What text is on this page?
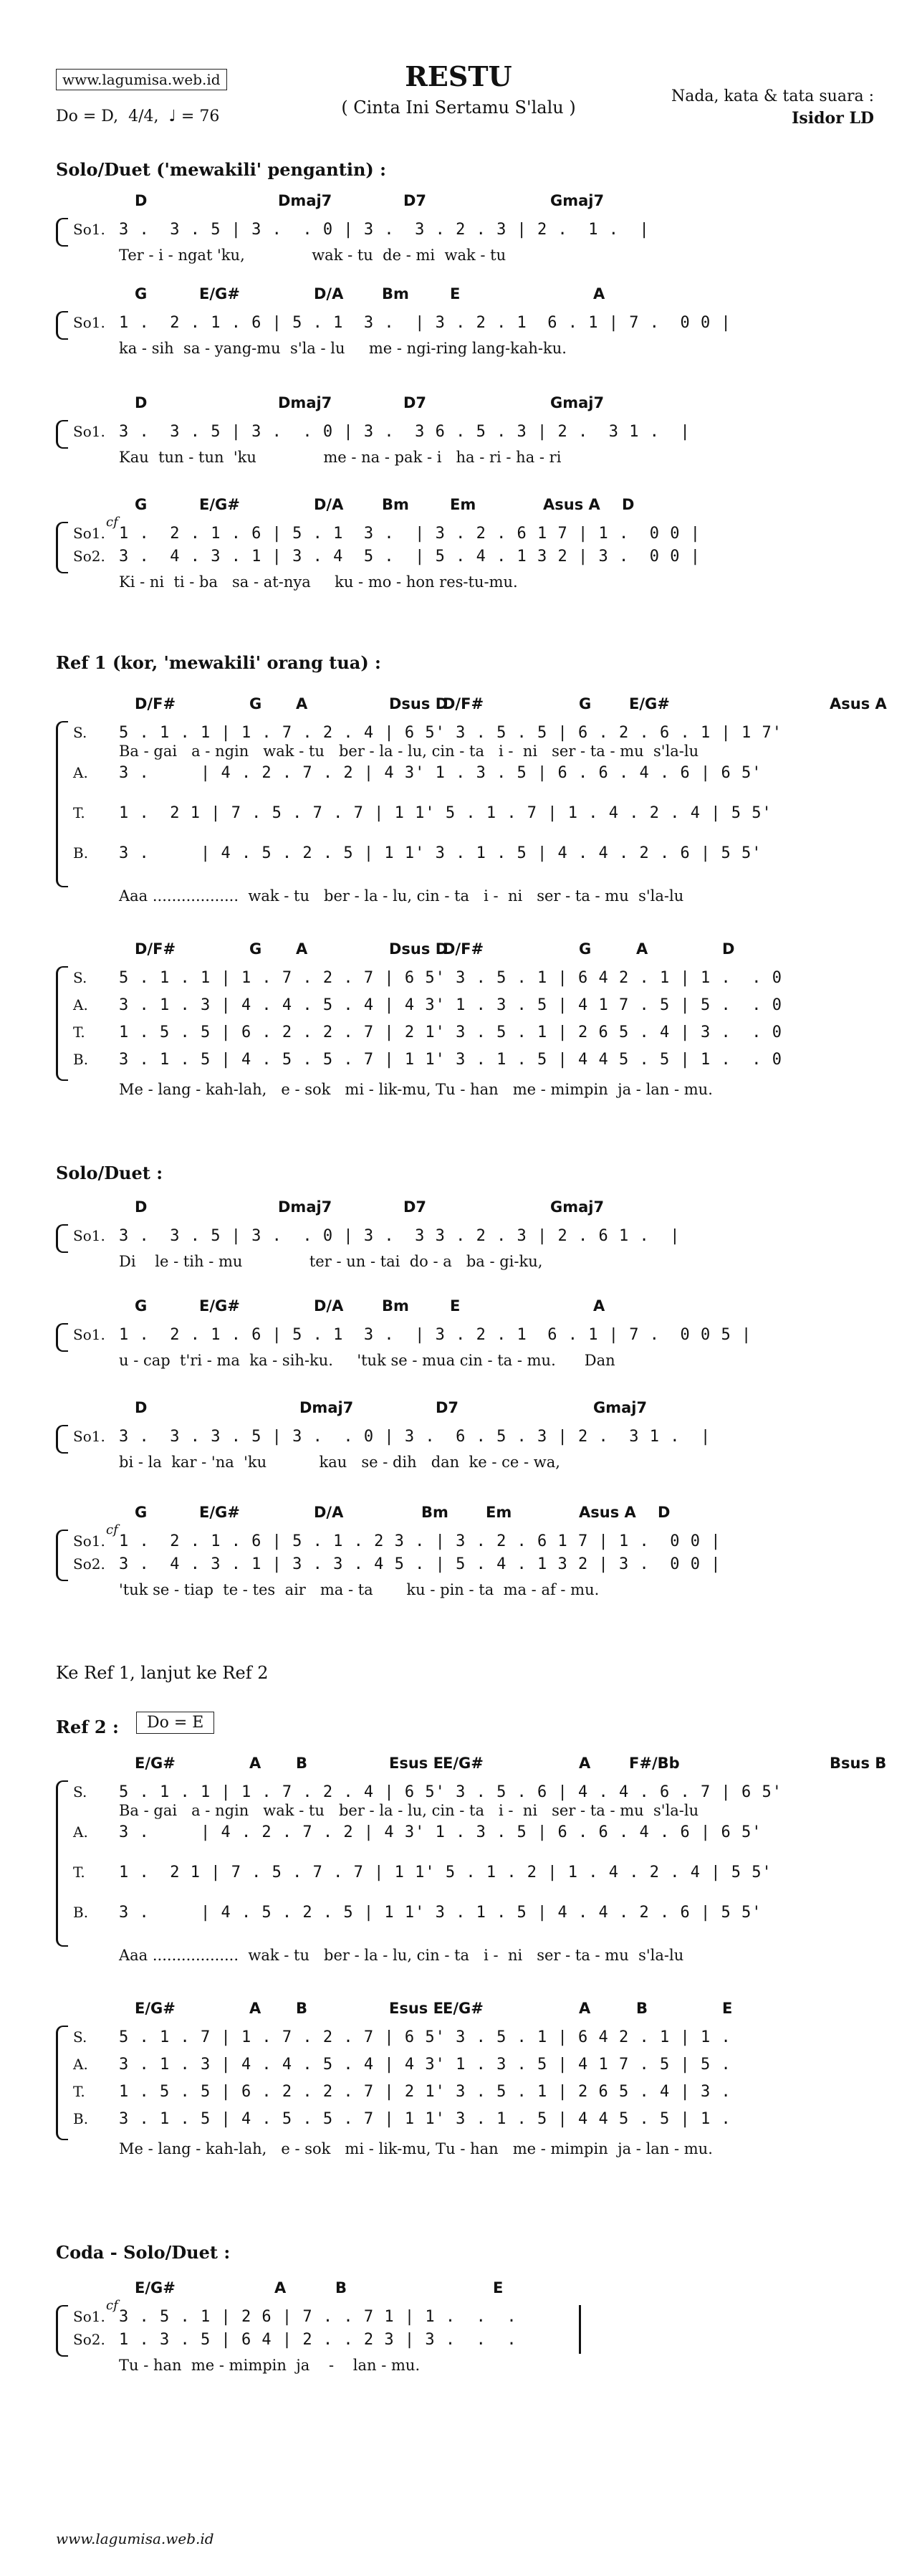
www.lagumisa.web.id
Do = D,  4/4,  ♩ = 76
RESTU
( Cinta Ini Sertamu S'lalu )
Nada, kata & tata suara :
Isidor LD
Solo/Duet ('mewakili' pengantin) :
Ref 1 (kor, 'mewakili' orang tua) :
Solo/Duet :
Ke Ref 1, lanjut ke Ref 2
Ref 2 :	Do = E
Coda - Solo/Duet :
D	Dmaj7	D7	Gmaj7
So1. 3 .  3 . 5 | 3 .  . 0 | 3 .  3 . 2 . 3 | 2 .  1 .  |
Ter - i - ngat 'ku,              wak - tu  de - mi  wak - tu
G	E/G#	D/A	Bm	E	A
So1. 1 .  2 . 1 . 6 | 5 . 1  3 .  | 3 . 2 . 1  6 . 1 | 7 .  0 0 |
ka - sih  sa - yang-mu  s'la - lu     me - ngi-ring lang-kah-ku.
D	Dmaj7	D7	Gmaj7
So1. 3 .  3 . 5 | 3 .  . 0 | 3 .  3 6 . 5 . 3 | 2 .  3 1 .  |
Kau  tun - tun  'ku              me - na - pak - i   ha - ri - ha - ri
G	E/G#	D/A	Bm	Em	Asus A D
cf
So1. 1 .  2 . 1 . 6 | 5 . 1  3 .  | 3 . 2 . 6 1 7 | 1 .  0 0 |
So2. 3 .  4 . 3 . 1 | 3 . 4  5 .  | 5 . 4 . 1 3 2 | 3 .  0 0 |
Ki - ni  ti - ba   sa - at-nya     ku - mo - hon res-tu-mu.
D/F#	G A	Dsus D
D/F#	G	E/G#	Asus A
S. 5 . 1 . 1 | 1 . 7 . 2 . 4 | 6 5' 3 . 5 . 5 | 6 . 2 . 6 . 1 | 1 7'
Ba - gai   a - ngin   wak - tu   ber - la - lu, cin - ta   i -  ni   ser - ta - mu  s'la-lu
A. 3 .     | 4 . 2 . 7 . 2 | 4 3' 1 . 3 . 5 | 6 . 6 . 4 . 6 | 6 5'
T. 1 .  2 1 | 7 . 5 . 7 . 7 | 1 1' 5 . 1 . 7 | 1 . 4 . 2 . 4 | 5 5'
B. 3 .     | 4 . 5 . 2 . 5 | 1 1' 3 . 1 . 5 | 4 . 4 . 2 . 6 | 5 5'
Aaa ..................  wak - tu   ber - la - lu, cin - ta   i -  ni   ser - ta - mu  s'la-lu
D/F#	G A	Dsus D
D/F#	G	A	D
S. 5 . 1 . 1 | 1 . 7 . 2 . 7 | 6 5' 3 . 5 . 1 | 6 4 2 . 1 | 1 .  . 0
A. 3 . 1 . 3 | 4 . 4 . 5 . 4 | 4 3' 1 . 3 . 5 | 4 1 7 . 5 | 5 .  . 0
T. 1 . 5 . 5 | 6 . 2 . 2 . 7 | 2 1' 3 . 5 . 1 | 2 6 5 . 4 | 3 .  . 0
B. 3 . 1 . 5 | 4 . 5 . 5 . 7 | 1 1' 3 . 1 . 5 | 4 4 5 . 5 | 1 .  . 0
Me - lang - kah-lah,   e - sok   mi - lik-mu, Tu - han   me - mimpin  ja - lan - mu.
D	Dmaj7	D7	Gmaj7
So1. 3 .  3 . 5 | 3 .  . 0 | 3 .  3 3 . 2 . 3 | 2 . 6 1 .  |
Di    le - tih - mu              ter - un - tai  do - a   ba - gi-ku,
G	E/G#	D/A	Bm	E	A
So1. 1 .  2 . 1 . 6 | 5 . 1  3 .  | 3 . 2 . 1  6 . 1 | 7 .  0 0 5 |
u - cap  t'ri - ma  ka - sih-ku.     'tuk se - mua cin - ta - mu.      Dan
D	Dmaj7	D7	Gmaj7
So1. 3 .  3 . 3 . 5 | 3 .  . 0 | 3 .  6 . 5 . 3 | 2 .  3 1 .  |
bi - la  kar - 'na  'ku           kau   se - dih   dan  ke - ce - wa,
G	E/G#	D/A	Bm Em	Asus A D
cf
So1. 1 .  2 . 1 . 6 | 5 . 1 . 2 3 . | 3 . 2 . 6 1 7 | 1 .  0 0 |
So2. 3 .  4 . 3 . 1 | 3 . 3 . 4 5 . | 5 . 4 . 1 3 2 | 3 .  0 0 |
'tuk se - tiap  te - tes  air   ma - ta       ku - pin - ta  ma - af - mu.
E/G#	A B	Esus E E/G#	A	F#/Bb	Bsus B
S. 5 . 1 . 1 | 1 . 7 . 2 . 4 | 6 5' 3 . 5 . 6 | 4 . 4 . 6 . 7 | 6 5'
Ba - gai   a - ngin   wak - tu   ber - la - lu, cin - ta   i -  ni   ser - ta - mu  s'la-lu
A. 3 .     | 4 . 2 . 7 . 2 | 4 3' 1 . 3 . 5 | 6 . 6 . 4 . 6 | 6 5'
T. 1 .  2 1 | 7 . 5 . 7 . 7 | 1 1' 5 . 1 . 2 | 1 . 4 . 2 . 4 | 5 5'
B. 3 .     | 4 . 5 . 2 . 5 | 1 1' 3 . 1 . 5 | 4 . 4 . 2 . 6 | 5 5'
Aaa ..................  wak - tu   ber - la - lu, cin - ta   i -  ni   ser - ta - mu  s'la-lu
E/G#	A B	Esus E E/G#	A	B	E
S. 5 . 1 . 7 | 1 . 7 . 2 . 7 | 6 5' 3 . 5 . 1 | 6 4 2 . 1 | 1 .
A. 3 . 1 . 3 | 4 . 4 . 5 . 4 | 4 3' 1 . 3 . 5 | 4 1 7 . 5 | 5 .
T. 1 . 5 . 5 | 6 . 2 . 2 . 7 | 2 1' 3 . 5 . 1 | 2 6 5 . 4 | 3 .
B. 3 . 1 . 5 | 4 . 5 . 5 . 7 | 1 1' 3 . 1 . 5 | 4 4 5 . 5 | 1 .
Me - lang - kah-lah,   e - sok   mi - lik-mu, Tu - han   me - mimpin  ja - lan - mu.
E/G#	A	B	E
cf
So1. 3 . 5 . 1 | 2 6 | 7 . . 7 1 | 1 .  .  .
So2. 1 . 3 . 5 | 6 4 | 2 . . 2 3 | 3 .  .  .
Tu - han  me - mimpin  ja    -    lan - mu.
www.lagumisa.web.id
